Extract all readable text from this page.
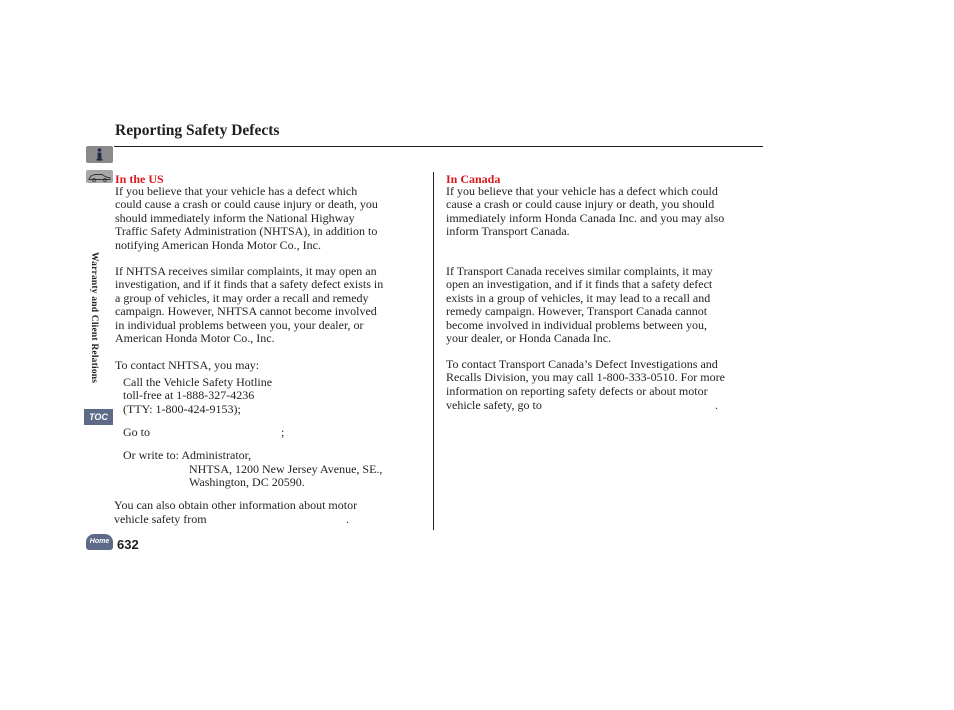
Warranty and Client Relations
TOC
Home 632
Reporting Safety Defects
In the US
If you believe that your vehicle has a defect which
could cause a crash or could cause injury or death, you
should immediately inform the National Highway
Traffic Safety Administration (NHTSA), in addition to
notifying American Honda Motor Co., Inc.
If NHTSA receives similar complaints, it may open an
investigation, and if it finds that a safety defect exists in
a group of vehicles, it may order a recall and remedy
campaign. However, NHTSA cannot become involved
in individual problems between you, your dealer, or
American Honda Motor Co., Inc.
To contact NHTSA, you may:
Call the Vehicle Safety Hotline
toll-free at 1-888-327-4236
(TTY: 1-800-424-9153);
Go to	;
Or write to: Administrator,
NHTSA, 1200 New Jersey Avenue, SE.,
Washington, DC 20590.
You can also obtain other information about motor
vehicle safety from	.
In Canada
If you believe that your vehicle has a defect which could
cause a crash or could cause injury or death, you should
immediately inform Honda Canada Inc. and you may also
inform Transport Canada.
If Transport Canada receives similar complaints, it may
open an investigation, and if it finds that a safety defect
exists in a group of vehicles, it may lead to a recall and
remedy campaign. However, Transport Canada cannot
become involved in individual problems between you,
your dealer, or Honda Canada Inc.
To contact Transport Canada’s Defect Investigations and
Recalls Division, you may call 1-800-333-0510. For more
information on reporting safety defects or about motor
vehicle safety, go to	.
